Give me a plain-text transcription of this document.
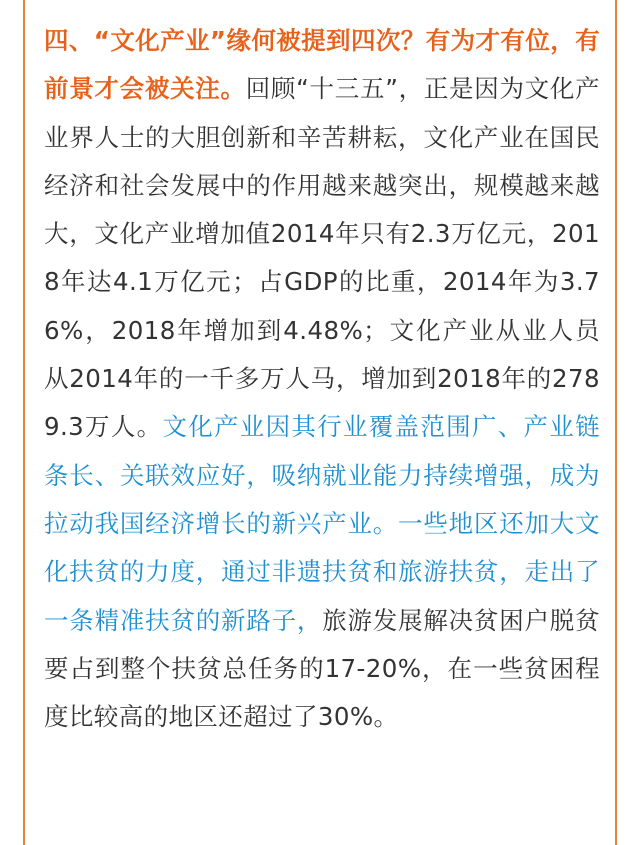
四、“文化产业”缘何被提到四次？有为才有位，有前景才会被关注。回顾“十三五”，正是因为文化产业界人士的大胆创新和辛苦耕耘，文化产业在国民经济和社会发展中的作用越来越突出，规模越来越大，文化产业增加值2014年只有2.3万亿元，2018年达4.1万亿元；占GDP的比重，2014年为3.76%，2018年增加到4.48%；文化产业从业人员从2014年的一千多万人马，增加到2018年的2789.3万人。文化产业因其行业覆盖范围广、产业链条长、关联效应好，吸纳就业能力持续增强，成为拉动我国经济增长的新兴产业。一些地区还加大文化扶贫的力度，通过非遗扶贫和旅游扶贫，走出了一条精准扶贫的新路子，旅游发展解决贫困户脱贫要占到整个扶贫总任务的17-20%，在一些贫困程度比较高的地区还超过了30%。
